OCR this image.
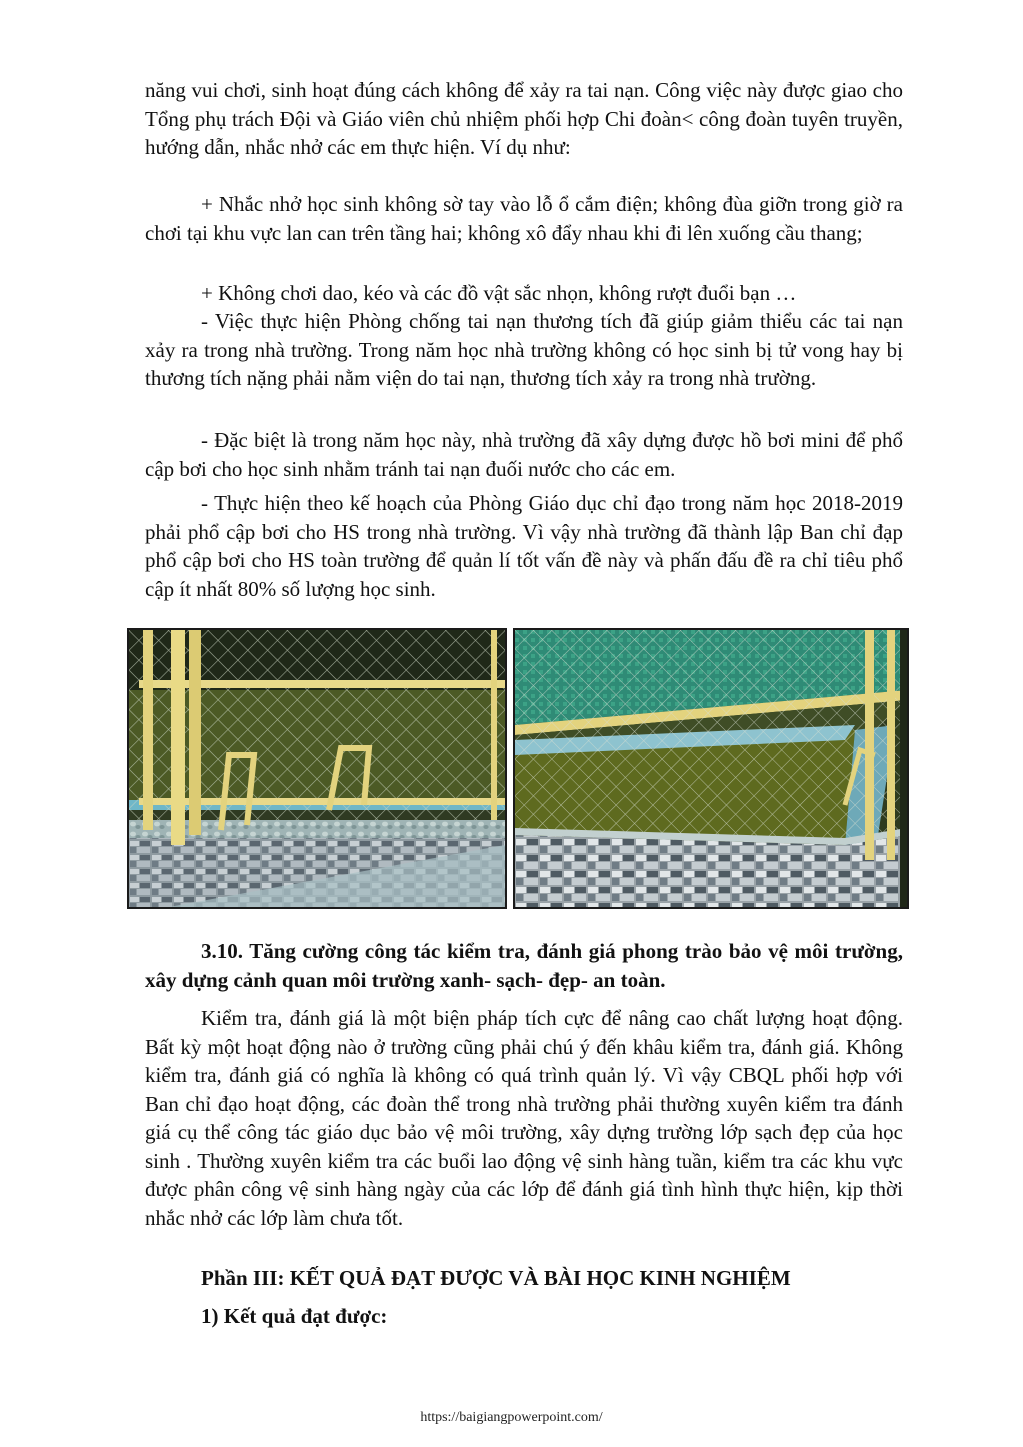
năng vui chơi, sinh hoạt đúng cách không để xảy ra tai nạn. Công việc này được giao cho Tổng phụ trách Đội và Giáo viên chủ nhiệm phối hợp Chi đoàn< công đoàn tuyên truyền, hướng dẫn, nhắc nhở các em thực hiện. Ví dụ như:

+ Nhắc nhở học sinh không sờ tay vào lỗ ổ cắm điện; không đùa giỡn trong giờ ra chơi tại khu vực lan can trên tầng hai; không xô đẩy nhau khi đi lên xuống cầu thang;

+ Không chơi dao, kéo và các đồ vật sắc nhọn, không rượt đuổi bạn …

- Việc thực hiện Phòng chống tai nạn thương tích đã giúp giảm thiểu các tai nạn xảy ra trong nhà trường. Trong năm học nhà trường không có học sinh bị tử vong hay bị thương tích nặng phải nằm viện do tai nạn, thương tích xảy ra trong nhà trường.

- Đặc biệt là trong năm học này, nhà trường đã xây dựng được hồ bơi mini để phổ cập bơi cho học sinh nhằm tránh tai nạn đuối nước cho các em.

- Thực hiện theo kế hoạch của Phòng Giáo dục chỉ đạo trong năm học 2018-2019 phải phổ cập bơi cho HS trong nhà trường. Vì vậy nhà trường đã thành lập Ban chỉ đạp phổ cập bơi cho HS toàn trường để quản lí tốt vấn đề này và phấn đấu đề ra chỉ tiêu phổ cập ít nhất 80% số lượng học sinh.

3.10. Tăng cường công tác kiểm tra, đánh giá phong trào bảo vệ môi trường, xây dựng cảnh quan môi trường xanh- sạch- đẹp- an toàn.

Kiểm tra, đánh giá là một biện pháp tích cực để nâng cao chất lượng hoạt động. Bất kỳ một hoạt động nào ở trường cũng phải chú ý đến khâu kiểm tra, đánh giá. Không kiểm tra, đánh giá có nghĩa là không có quá trình quản lý. Vì vậy CBQL phối hợp với Ban chỉ đạo hoạt động, các đoàn thể trong nhà trường phải thường xuyên kiểm tra đánh giá cụ thể công tác giáo dục bảo vệ môi trường, xây dựng trường lớp sạch đẹp của học sinh . Thường xuyên kiểm tra các buổi lao động vệ sinh hàng tuần, kiểm tra các khu vực được phân công vệ sinh hàng ngày của các lớp để đánh giá tình hình thực hiện, kịp thời nhắc nhở các lớp làm chưa tốt.

Phần III: KẾT QUẢ ĐẠT ĐƯỢC VÀ BÀI HỌC KINH NGHIỆM

1) Kết quả đạt được:

https://baigiangpowerpoint.com/
